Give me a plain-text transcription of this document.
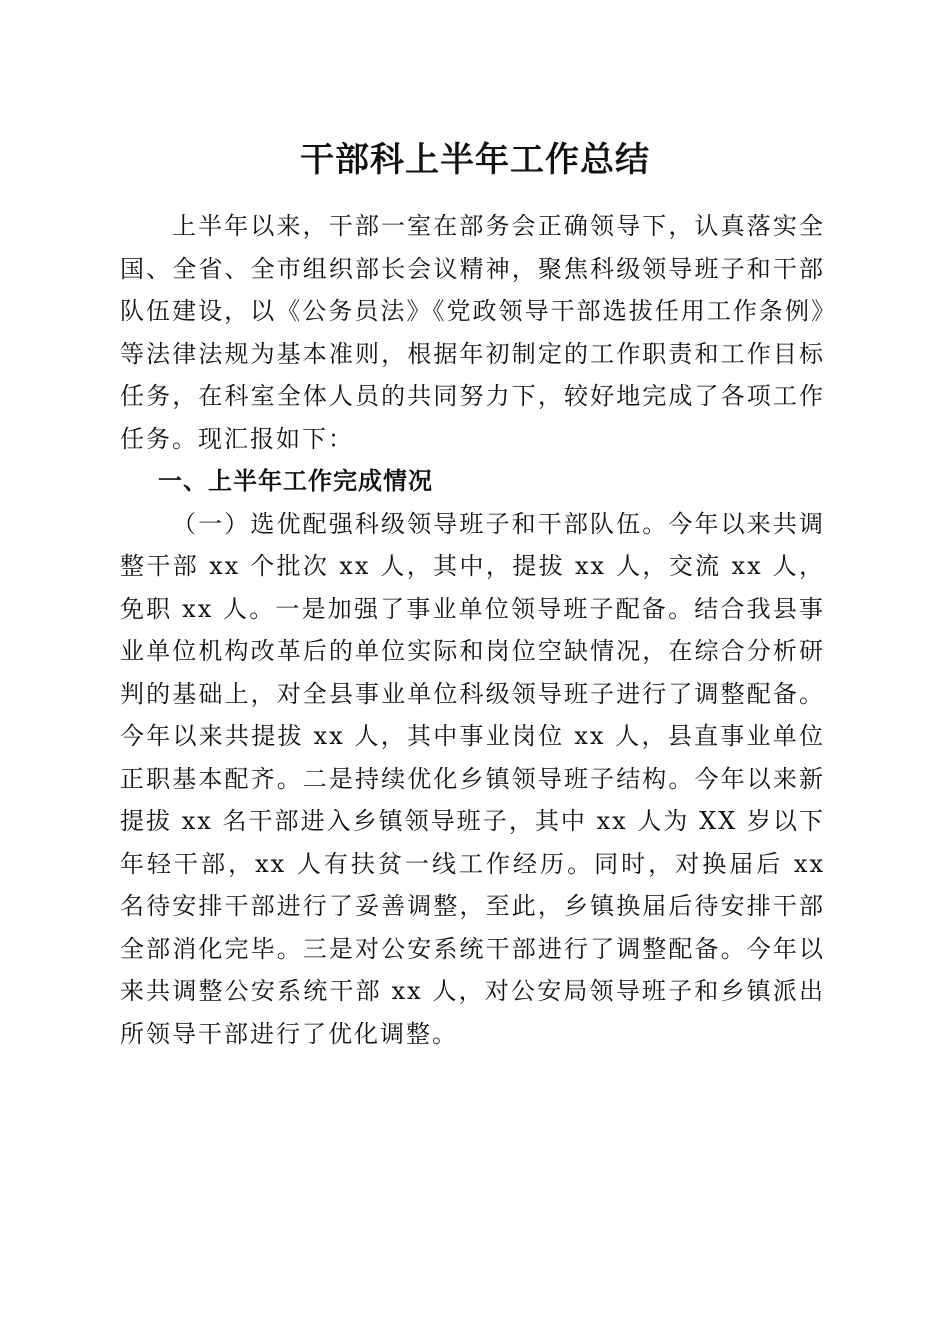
干部科上半年工作总结

上半年以来，干部一室在部务会正确领导下，认真落实全国、全省、全市组织部长会议精神，聚焦科级领导班子和干部队伍建设，以《公务员法》《党政领导干部选拔任用工作条例》等法律法规为基本准则，根据年初制定的工作职责和工作目标任务，在科室全体人员的共同努力下，较好地完成了各项工作任务。现汇报如下：

一、上半年工作完成情况

（一）选优配强科级领导班子和干部队伍。今年以来共调整干部 xx 个批次 xx 人，其中，提拔 xx 人，交流 xx 人，免职 xx 人。一是加强了事业单位领导班子配备。结合我县事业单位机构改革后的单位实际和岗位空缺情况，在综合分析研判的基础上，对全县事业单位科级领导班子进行了调整配备。今年以来共提拔 xx 人，其中事业岗位 xx 人，县直事业单位正职基本配齐。二是持续优化乡镇领导班子结构。今年以来新提拔 xx 名干部进入乡镇领导班子，其中 xx 人为 XX 岁以下年轻干部，xx 人有扶贫一线工作经历。同时，对换届后 xx 名待安排干部进行了妥善调整，至此，乡镇换届后待安排干部全部消化完毕。三是对公安系统干部进行了调整配备。今年以来共调整公安系统干部 xx 人，对公安局领导班子和乡镇派出所领导干部进行了优化调整。
